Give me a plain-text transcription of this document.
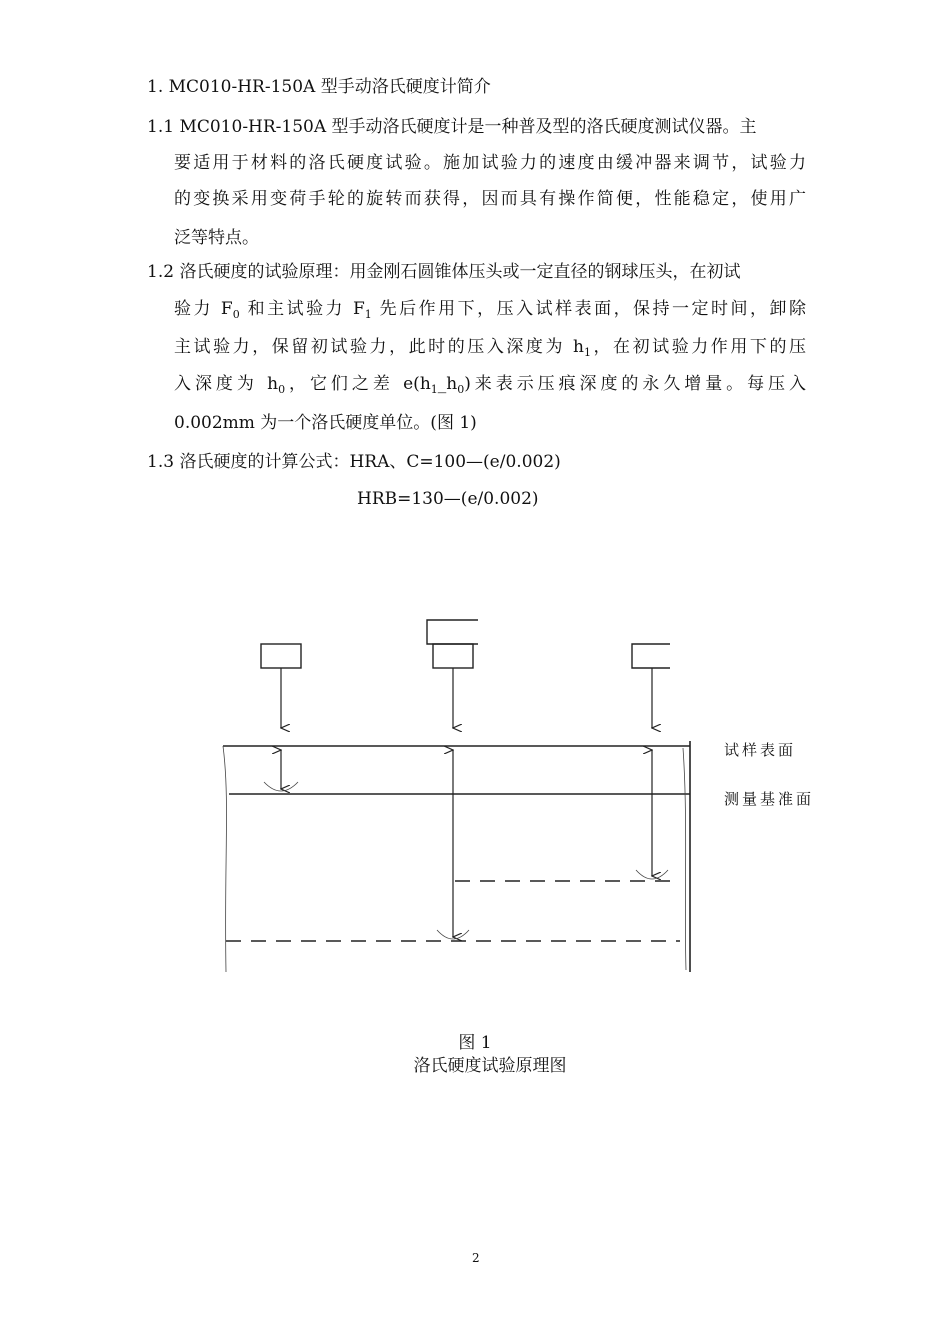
1. MC010-HR-150A 型手动洛氏硬度计简介
1.1 MC010-HR-150A 型手动洛氏硬度计是一种普及型的洛氏硬度测试仪器。主
要适用于材料的洛氏硬度试验。施加试验力的速度由缓冲器来调节，试验力
的变换采用变荷手轮的旋转而获得，因而具有操作简便，性能稳定，使用广
泛等特点。
1.2 洛氏硬度的试验原理：用金刚石圆锥体压头或一定直径的钢球压头，在初试
验力 $F_0$ 和主试验力 $F_1$ 先后作用下，压入试样表面，保持一定时间，卸除
主试验力，保留初试验力，此时的压入深度为 $h_1$，在初试验力作用下的压
入深度为 $h_0$，它们之差 $e(h_1\_h_0)$来表示压痕深度的永久增量。每压入
0.002mm 为一个洛氏硬度单位。(图 1)
1.3 洛氏硬度的计算公式：HRA、C=100—(e/0.002)
HRB=130—(e/0.002)
试样表面
测量基准面
图 1
洛氏硬度试验原理图
2
